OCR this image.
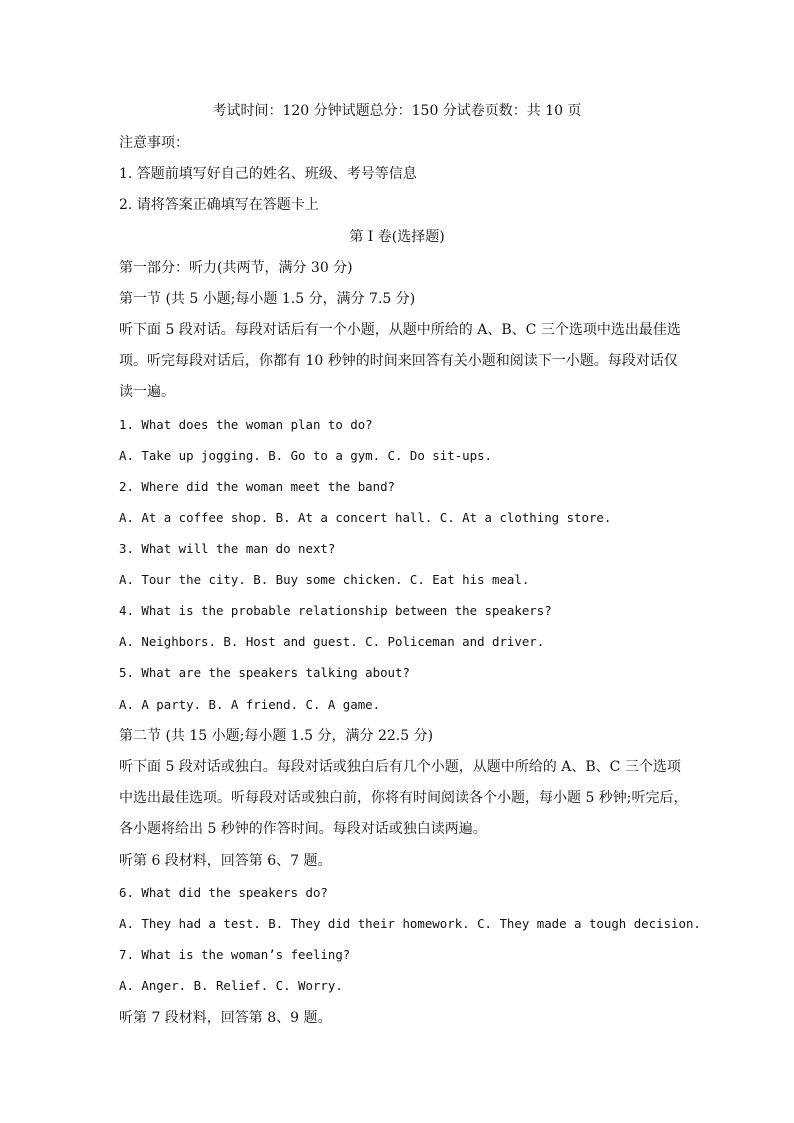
考试时间：120 分钟试题总分：150 分试卷页数：共 10 页
注意事项：
1. 答题前填写好自己的姓名、班级、考号等信息
2. 请将答案正确填写在答题卡上
第 I 卷(选择题)
第一部分：听力(共两节，满分 30 分)
第一节 (共 5 小题;每小题 1.5 分，满分 7.5 分)
听下面 5 段对话。每段对话后有一个小题，从题中所给的 A、B、C 三个选项中选出最佳选
项。听完每段对话后，你都有 10 秒钟的时间来回答有关小题和阅读下一小题。每段对话仅
读一遍。
1. What does the woman plan to do?
A. Take up jogging. B. Go to a gym. C. Do sit-ups.
2. Where did the woman meet the band?
A. At a coffee shop. B. At a concert hall. C. At a clothing store.
3. What will the man do next?
A. Tour the city. B. Buy some chicken. C. Eat his meal.
4. What is the probable relationship between the speakers?
A. Neighbors. B. Host and guest. C. Policeman and driver.
5. What are the speakers talking about?
A. A party. B. A friend. C. A game.
第二节 (共 15 小题;每小题 1.5 分，满分 22.5 分)
听下面 5 段对话或独白。每段对话或独白后有几个小题，从题中所给的 A、B、C 三个选项
中选出最佳选项。听每段对话或独白前，你将有时间阅读各个小题，每小题 5 秒钟;听完后，
各小题将给出 5 秒钟的作答时间。每段对话或独白读两遍。
听第 6 段材料，回答第 6、7 题。
6. What did the speakers do?
A. They had a test. B. They did their homework. C. They made a tough decision.
7. What is the woman’s feeling?
A. Anger. B. Relief. C. Worry.
听第 7 段材料，回答第 8、9 题。
